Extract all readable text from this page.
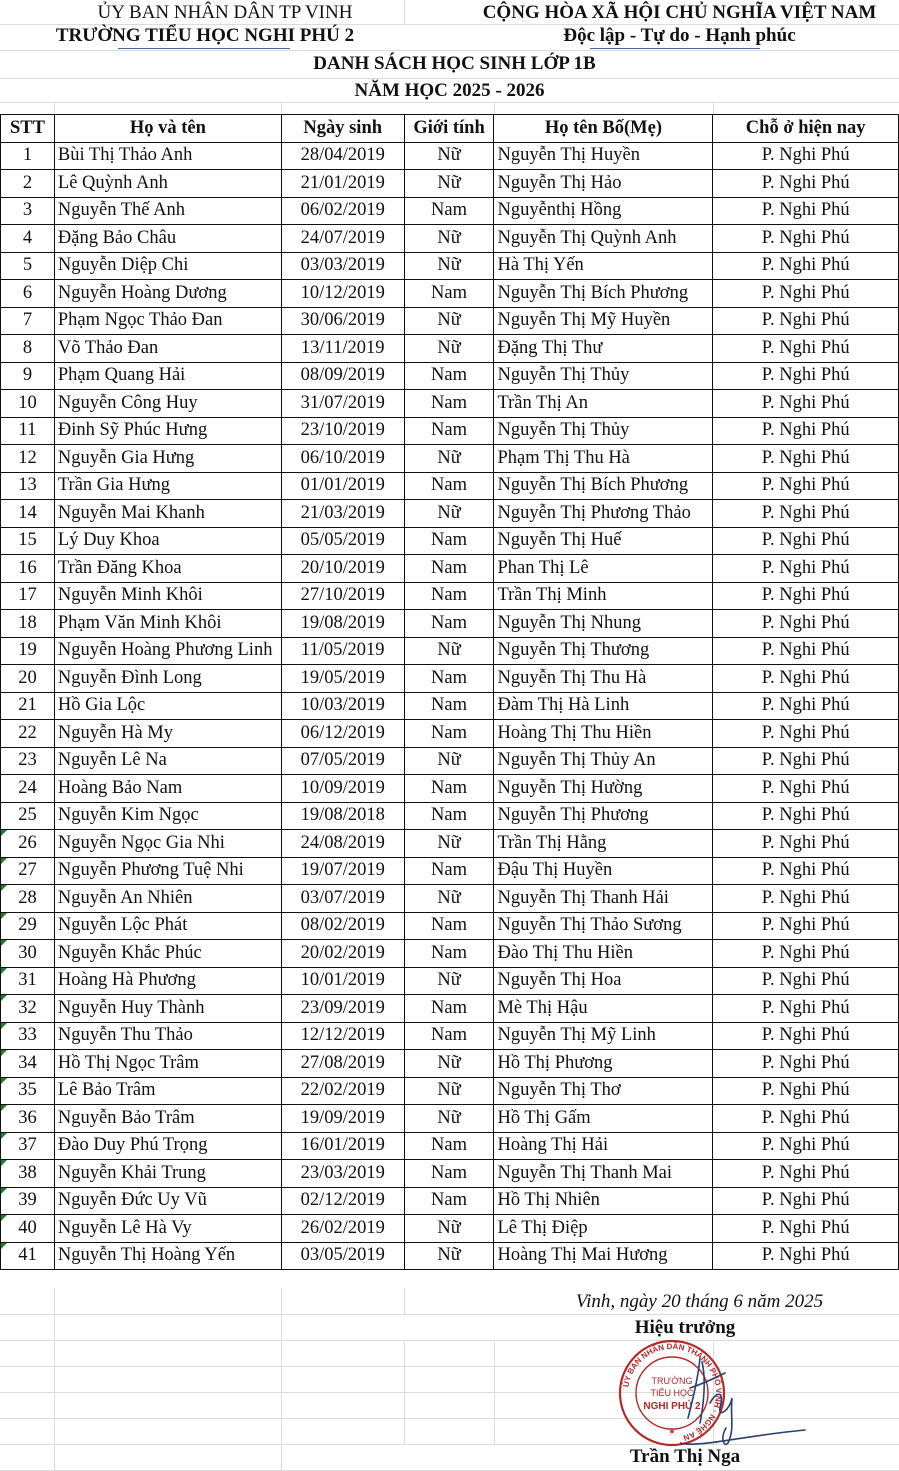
ỦY BAN NHÂN DÂN TP VINH
TRƯỜNG TIỂU HỌC NGHI PHÚ 2
CỘNG HÒA XÃ HỘI CHỦ NGHĨA VIỆT NAM
Độc lập - Tự do - Hạnh phúc
DANH SÁCH HỌC SINH LỚP 1B
NĂM HỌC 2025 - 2026
STT	Họ và tên	Ngày sinh	Giới tính	Họ tên Bố(Mẹ)	Chỗ ở hiện nay
1	Bùi Thị Thảo Anh	28/04/2019	Nữ	Nguyễn Thị Huyền	P. Nghi Phú
2	Lê Quỳnh Anh	21/01/2019	Nữ	Nguyễn Thị Hảo	P. Nghi Phú
3	Nguyễn Thế Anh	06/02/2019	Nam	Nguyễnthị Hồng	P. Nghi Phú
4	Đặng Bảo Châu	24/07/2019	Nữ	Nguyễn Thị Quỳnh Anh	P. Nghi Phú
5	Nguyễn Diệp Chi	03/03/2019	Nữ	Hà Thị Yến	P. Nghi Phú
6	Nguyễn Hoàng Dương	10/12/2019	Nam	Nguyễn Thị Bích Phương	P. Nghi Phú
7	Phạm Ngọc Thảo Đan	30/06/2019	Nữ	Nguyễn Thị Mỹ Huyền	P. Nghi Phú
8	Võ Thảo Đan	13/11/2019	Nữ	Đặng Thị Thư	P. Nghi Phú
9	Phạm Quang Hải	08/09/2019	Nam	Nguyễn Thị Thủy	P. Nghi Phú
10	Nguyễn Công Huy	31/07/2019	Nam	Trần Thị An	P. Nghi Phú
11	Đinh Sỹ Phúc Hưng	23/10/2019	Nam	Nguyễn Thị Thủy	P. Nghi Phú
12	Nguyễn Gia Hưng	06/10/2019	Nữ	Phạm Thị Thu Hà	P. Nghi Phú
13	Trần Gia Hưng	01/01/2019	Nam	Nguyễn Thị Bích Phương	P. Nghi Phú
14	Nguyễn Mai Khanh	21/03/2019	Nữ	Nguyễn Thị Phương Thảo	P. Nghi Phú
15	Lý Duy Khoa	05/05/2019	Nam	Nguyễn Thị Huế	P. Nghi Phú
16	Trần Đăng Khoa	20/10/2019	Nam	Phan Thị Lê	P. Nghi Phú
17	Nguyễn Minh Khôi	27/10/2019	Nam	Trần Thị Minh	P. Nghi Phú
18	Phạm Văn Minh Khôi	19/08/2019	Nam	Nguyễn Thị Nhung	P. Nghi Phú
19	Nguyễn Hoàng Phương Linh	11/05/2019	Nữ	Nguyễn Thị Thương	P. Nghi Phú
20	Nguyễn Đình Long	19/05/2019	Nam	Nguyễn Thị Thu Hà	P. Nghi Phú
21	Hồ Gia Lộc	10/03/2019	Nam	Đàm Thị Hà Linh	P. Nghi Phú
22	Nguyễn Hà My	06/12/2019	Nam	Hoàng Thị Thu Hiền	P. Nghi Phú
23	Nguyễn Lê Na	07/05/2019	Nữ	Nguyễn Thị Thủy An	P. Nghi Phú
24	Hoàng Bảo Nam	10/09/2019	Nam	Nguyễn Thị Hường	P. Nghi Phú
25	Nguyễn Kim Ngọc	19/08/2018	Nam	Nguyễn Thị Phương	P. Nghi Phú
26	Nguyễn Ngọc Gia Nhi	24/08/2019	Nữ	Trần Thị Hằng	P. Nghi Phú
27	Nguyễn Phương Tuệ Nhi	19/07/2019	Nam	Đậu Thị Huyền	P. Nghi Phú
28	Nguyễn An Nhiên	03/07/2019	Nữ	Nguyễn Thị Thanh Hải	P. Nghi Phú
29	Nguyễn Lộc Phát	08/02/2019	Nam	Nguyễn Thị Thảo Sương	P. Nghi Phú
30	Nguyễn Khắc Phúc	20/02/2019	Nam	Đào Thị Thu Hiền	P. Nghi Phú
31	Hoàng Hà Phương	10/01/2019	Nữ	Nguyễn Thị Hoa	P. Nghi Phú
32	Nguyễn Huy Thành	23/09/2019	Nam	Mè Thị Hậu	P. Nghi Phú
33	Nguyễn Thu Thảo	12/12/2019	Nam	Nguyễn Thị Mỹ Linh	P. Nghi Phú
34	Hồ Thị Ngọc Trâm	27/08/2019	Nữ	Hồ Thị Phương	P. Nghi Phú
35	Lê Bảo Trâm	22/02/2019	Nữ	Nguyễn Thị Thơ	P. Nghi Phú
36	Nguyễn Bảo Trâm	19/09/2019	Nữ	Hồ Thị Gấm	P. Nghi Phú
37	Đào Duy Phú Trọng	16/01/2019	Nam	Hoàng Thị Hải	P. Nghi Phú
38	Nguyễn Khải Trung	23/03/2019	Nam	Nguyễn Thị Thanh Mai	P. Nghi Phú
39	Nguyễn Đức Uy Vũ	02/12/2019	Nam	Hồ Thị Nhiên	P. Nghi Phú
40	Nguyễn Lê Hà Vy	26/02/2019	Nữ	Lê Thị Điệp	P. Nghi Phú
41	Nguyễn Thị Hoàng Yến	03/05/2019	Nữ	Hoàng Thị Mai Hương	P. Nghi Phú
Vinh, ngày 20 tháng 6 năm 2025
Hiệu trưởng
ỦY BAN NHÂN DÂN THÀNH PHỐ VINH · NGHỆ AN
TRƯỜNG
TIỂU HỌC
NGHI PHÚ 2
★
Trần Thị Nga
